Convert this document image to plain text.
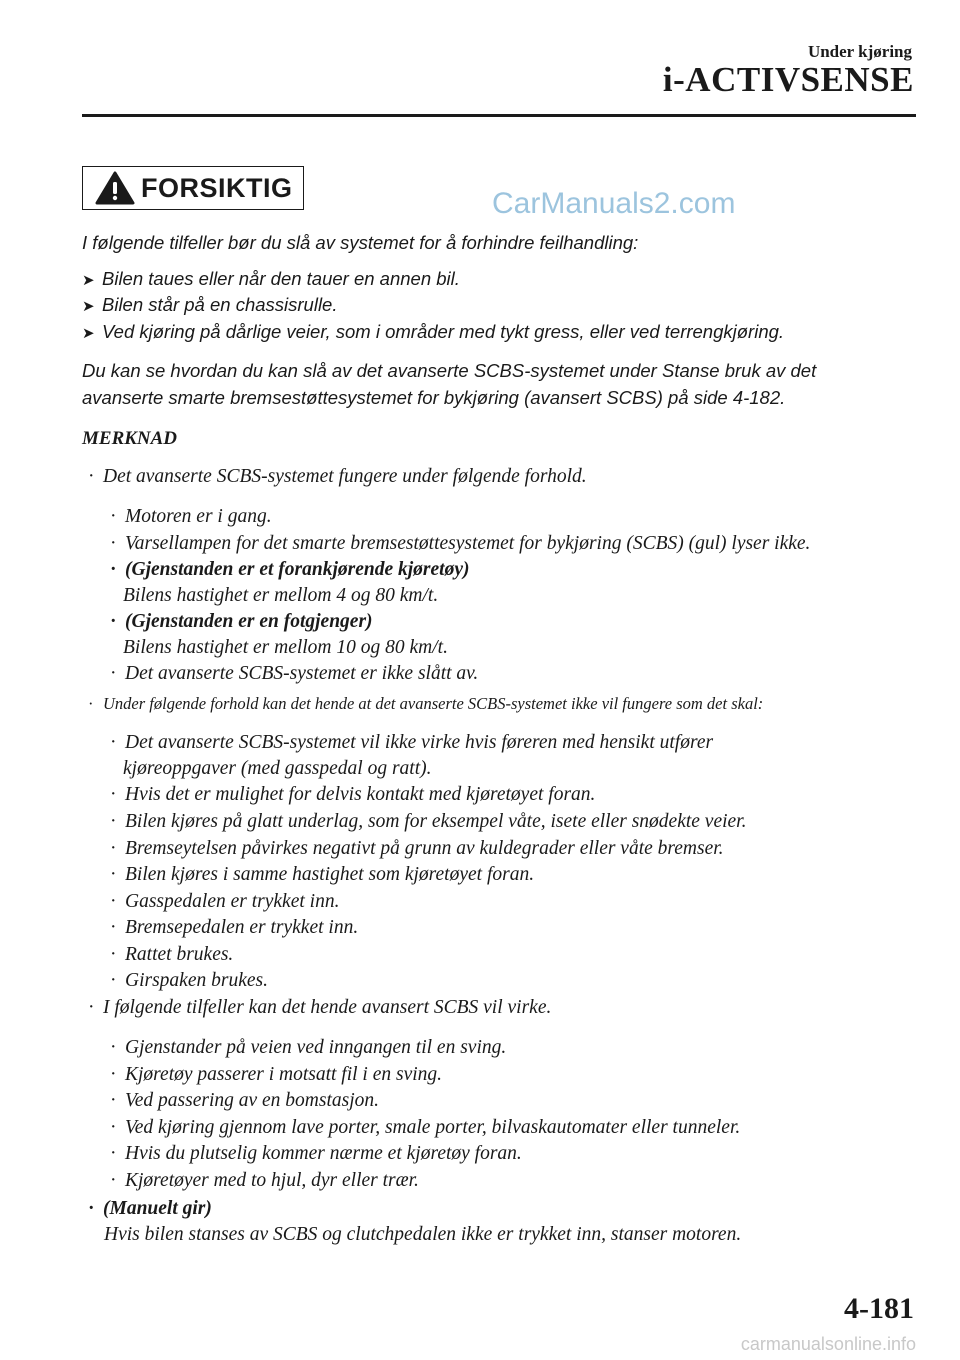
Under kjøring
i-ACTIVSENSE
FORSIKTIG	CarManuals2.com
I følgende tilfeller bør du slå av systemet for å forhindre feilhandling:
➤ Bilen taues eller når den tauer en annen bil.
➤ Bilen står på en chassisrulle.
➤ Ved kjøring på dårlige veier, som i områder med tykt gress, eller ved terrengkjøring.
Du kan se hvordan du kan slå av det avanserte SCBS-systemet under Stanse bruk av det
avanserte smarte bremsestøttesystemet for bykjøring (avansert SCBS) på side 4-182.
MERKNAD
· Det avanserte SCBS-systemet fungere under følgende forhold.
· Motoren er i gang.
· Varsellampen for det smarte bremsestøttesystemet for bykjøring (SCBS) (gul) lyser ikke.
· (Gjenstanden er et forankjørende kjøretøy)
Bilens hastighet er mellom 4 og 80 km/t.
· (Gjenstanden er en fotgjenger)
Bilens hastighet er mellom 10 og 80 km/t.
· Det avanserte SCBS-systemet er ikke slått av.
· Under følgende forhold kan det hende at det avanserte SCBS-systemet ikke vil fungere som det skal:
· Det avanserte SCBS-systemet vil ikke virke hvis føreren med hensikt utfører
kjøreoppgaver (med gasspedal og ratt).
· Hvis det er mulighet for delvis kontakt med kjøretøyet foran.
· Bilen kjøres på glatt underlag, som for eksempel våte, isete eller snødekte veier.
· Bremseytelsen påvirkes negativt på grunn av kuldegrader eller våte bremser.
· Bilen kjøres i samme hastighet som kjøretøyet foran.
· Gasspedalen er trykket inn.
· Bremsepedalen er trykket inn.
· Rattet brukes.
· Girspaken brukes.
· I følgende tilfeller kan det hende avansert SCBS vil virke.
· Gjenstander på veien ved inngangen til en sving.
· Kjøretøy passerer i motsatt fil i en sving.
· Ved passering av en bomstasjon.
· Ved kjøring gjennom lave porter, smale porter, bilvaskautomater eller tunneler.
· Hvis du plutselig kommer nærme et kjøretøy foran.
· Kjøretøyer med to hjul, dyr eller trær.
· (Manuelt gir)
Hvis bilen stanses av SCBS og clutchpedalen ikke er trykket inn, stanser motoren.
4-181
carmanualsonline.info
